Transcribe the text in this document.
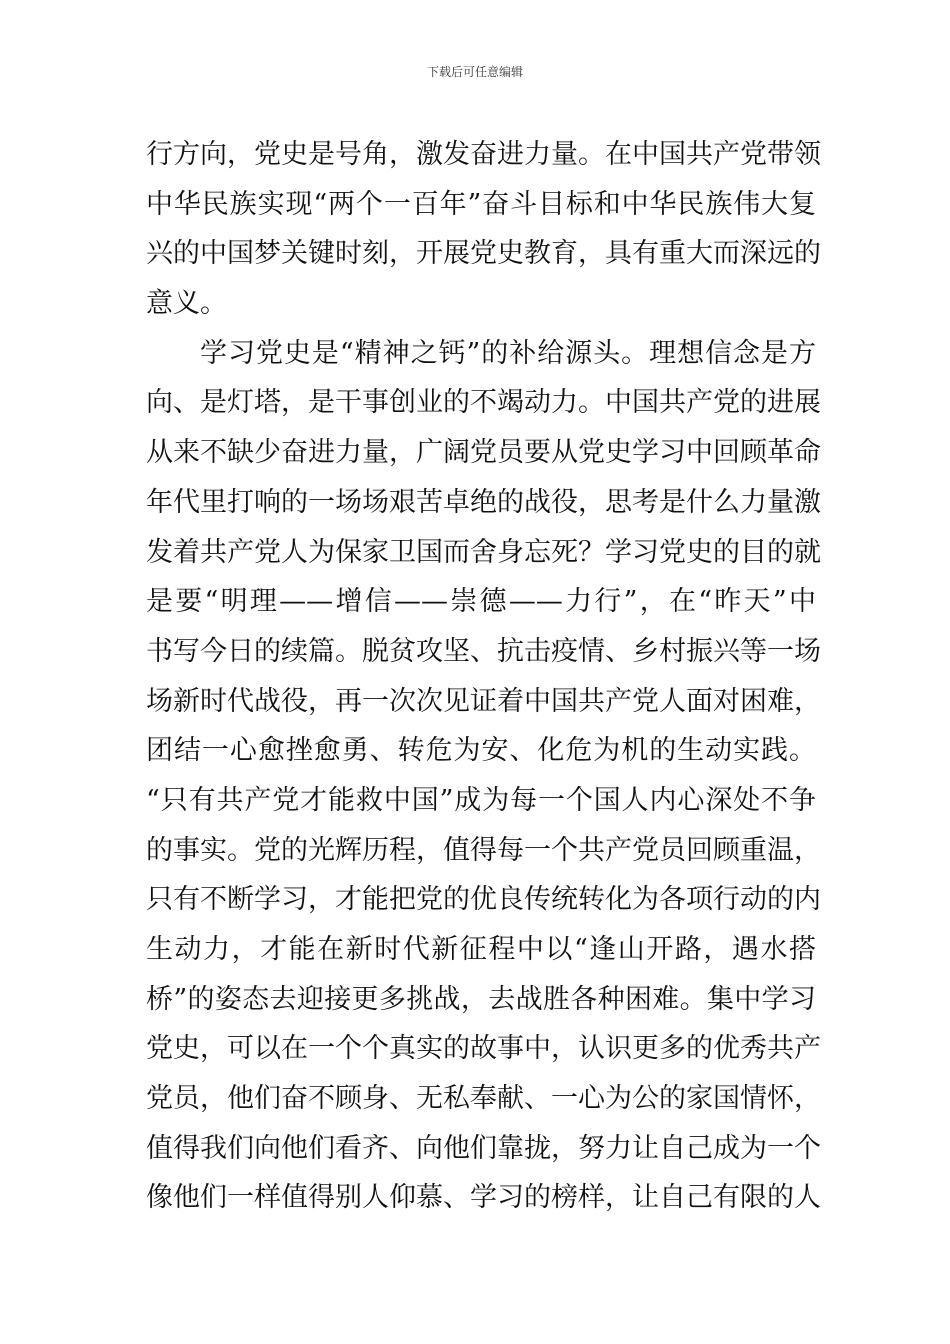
下载后可任意编辑
行方向，党史是号角，激发奋进力量。在中国共产党带领
中华民族实现“两个一百年”奋斗目标和中华民族伟大复
兴的中国梦关键时刻，开展党史教育，具有重大而深远的
意义。
学习党史是“精神之钙”的补给源头。理想信念是方
向、是灯塔，是干事创业的不竭动力。中国共产党的进展
从来不缺少奋进力量，广阔党员要从党史学习中回顾革命
年代里打响的一场场艰苦卓绝的战役，思考是什么力量激
发着共产党人为保家卫国而舍身忘死？学习党史的目的就
是要“明理——增信——崇德——力行”，在“昨天”中
书写今日的续篇。脱贫攻坚、抗击疫情、乡村振兴等一场
场新时代战役，再一次次见证着中国共产党人面对困难，
团结一心愈挫愈勇、转危为安、化危为机的生动实践。
“只有共产党才能救中国”成为每一个国人内心深处不争
的事实。党的光辉历程，值得每一个共产党员回顾重温，
只有不断学习，才能把党的优良传统转化为各项行动的内
生动力，才能在新时代新征程中以“逢山开路，遇水搭
桥”的姿态去迎接更多挑战，去战胜各种困难。集中学习
党史，可以在一个个真实的故事中，认识更多的优秀共产
党员，他们奋不顾身、无私奉献、一心为公的家国情怀，
值得我们向他们看齐、向他们靠拢，努力让自己成为一个
像他们一样值得别人仰慕、学习的榜样，让自己有限的人
